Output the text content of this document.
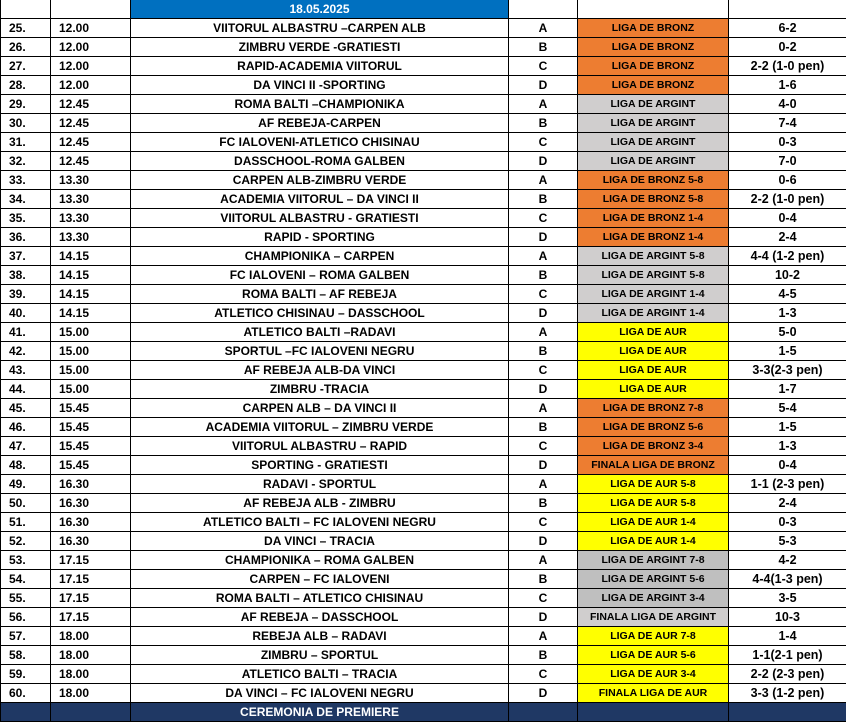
		18.05.2025			
25.	12.00	VIITORUL ALBASTRU –CARPEN ALB	A	LIGA DE BRONZ	6-2
26.	12.00	ZIMBRU VERDE -GRATIESTI	B	LIGA DE BRONZ	0-2
27.	12.00	RAPID-ACADEMIA VIITORUL	C	LIGA DE BRONZ	2-2 (1-0 pen)
28.	12.00	DA VINCI II -SPORTING	D	LIGA DE BRONZ	1-6
29.	12.45	ROMA BALTI –CHAMPIONIKA	A	LIGA DE ARGINT	4-0
30.	12.45	AF REBEJA-CARPEN	B	LIGA DE ARGINT	7-4
31.	12.45	FC IALOVENI-ATLETICO CHISINAU	C	LIGA DE ARGINT	0-3
32.	12.45	DASSCHOOL-ROMA GALBEN	D	LIGA DE ARGINT	7-0
33.	13.30	CARPEN ALB-ZIMBRU VERDE	A	LIGA DE BRONZ 5-8	0-6
34.	13.30	ACADEMIA VIITORUL – DA VINCI II	B	LIGA DE BRONZ 5-8	2-2 (1-0 pen)
35.	13.30	VIITORUL ALBASTRU - GRATIESTI	C	LIGA DE BRONZ 1-4	0-4
36.	13.30	RAPID - SPORTING	D	LIGA DE BRONZ 1-4	2-4
37.	14.15	CHAMPIONIKA – CARPEN	A	LIGA DE ARGINT 5-8	4-4 (1-2 pen)
38.	14.15	FC IALOVENI – ROMA GALBEN	B	LIGA DE ARGINT 5-8	10-2
39.	14.15	ROMA BALTI – AF REBEJA	C	LIGA DE ARGINT 1-4	4-5
40.	14.15	ATLETICO CHISINAU – DASSCHOOL	D	LIGA DE ARGINT 1-4	1-3
41.	15.00	ATLETICO BALTI –RADAVI	A	LIGA DE AUR	5-0
42.	15.00	SPORTUL –FC IALOVENI NEGRU	B	LIGA DE AUR	1-5
43.	15.00	AF REBEJA ALB-DA VINCI	C	LIGA DE AUR	3-3(2-3 pen)
44.	15.00	ZIMBRU -TRACIA	D	LIGA DE AUR	1-7
45.	15.45	CARPEN ALB – DA VINCI II	A	LIGA DE BRONZ 7-8	5-4
46.	15.45	ACADEMIA VIITORUL – ZIMBRU VERDE	B	LIGA DE BRONZ 5-6	1-5
47.	15.45	VIITORUL ALBASTRU – RAPID	C	LIGA DE BRONZ 3-4	1-3
48.	15.45	SPORTING - GRATIESTI	D	FINALA LIGA DE BRONZ	0-4
49.	16.30	RADAVI - SPORTUL	A	LIGA DE AUR 5-8	1-1 (2-3 pen)
50.	16.30	AF REBEJA ALB - ZIMBRU	B	LIGA DE AUR 5-8	2-4
51.	16.30	ATLETICO BALTI – FC IALOVENI NEGRU	C	LIGA DE AUR 1-4	0-3
52.	16.30	DA VINCI – TRACIA	D	LIGA DE AUR 1-4	5-3
53.	17.15	CHAMPIONIKA – ROMA GALBEN	A	LIGA DE ARGINT 7-8	4-2
54.	17.15	CARPEN – FC IALOVENI	B	LIGA DE ARGINT 5-6	4-4(1-3 pen)
55.	17.15	ROMA BALTI – ATLETICO CHISINAU	C	LIGA DE ARGINT 3-4	3-5
56.	17.15	AF REBEJA – DASSCHOOL	D	FINALA LIGA DE ARGINT	10-3
57.	18.00	REBEJA ALB – RADAVI	A	LIGA DE AUR 7-8	1-4
58.	18.00	ZIMBRU – SPORTUL	B	LIGA DE AUR 5-6	1-1(2-1 pen)
59.	18.00	ATLETICO BALTI – TRACIA	C	LIGA DE AUR 3-4	2-2 (2-3 pen)
60.	18.00	DA VINCI – FC IALOVENI NEGRU	D	FINALA LIGA DE AUR	3-3 (1-2 pen)
		CEREMONIA DE PREMIERE			
